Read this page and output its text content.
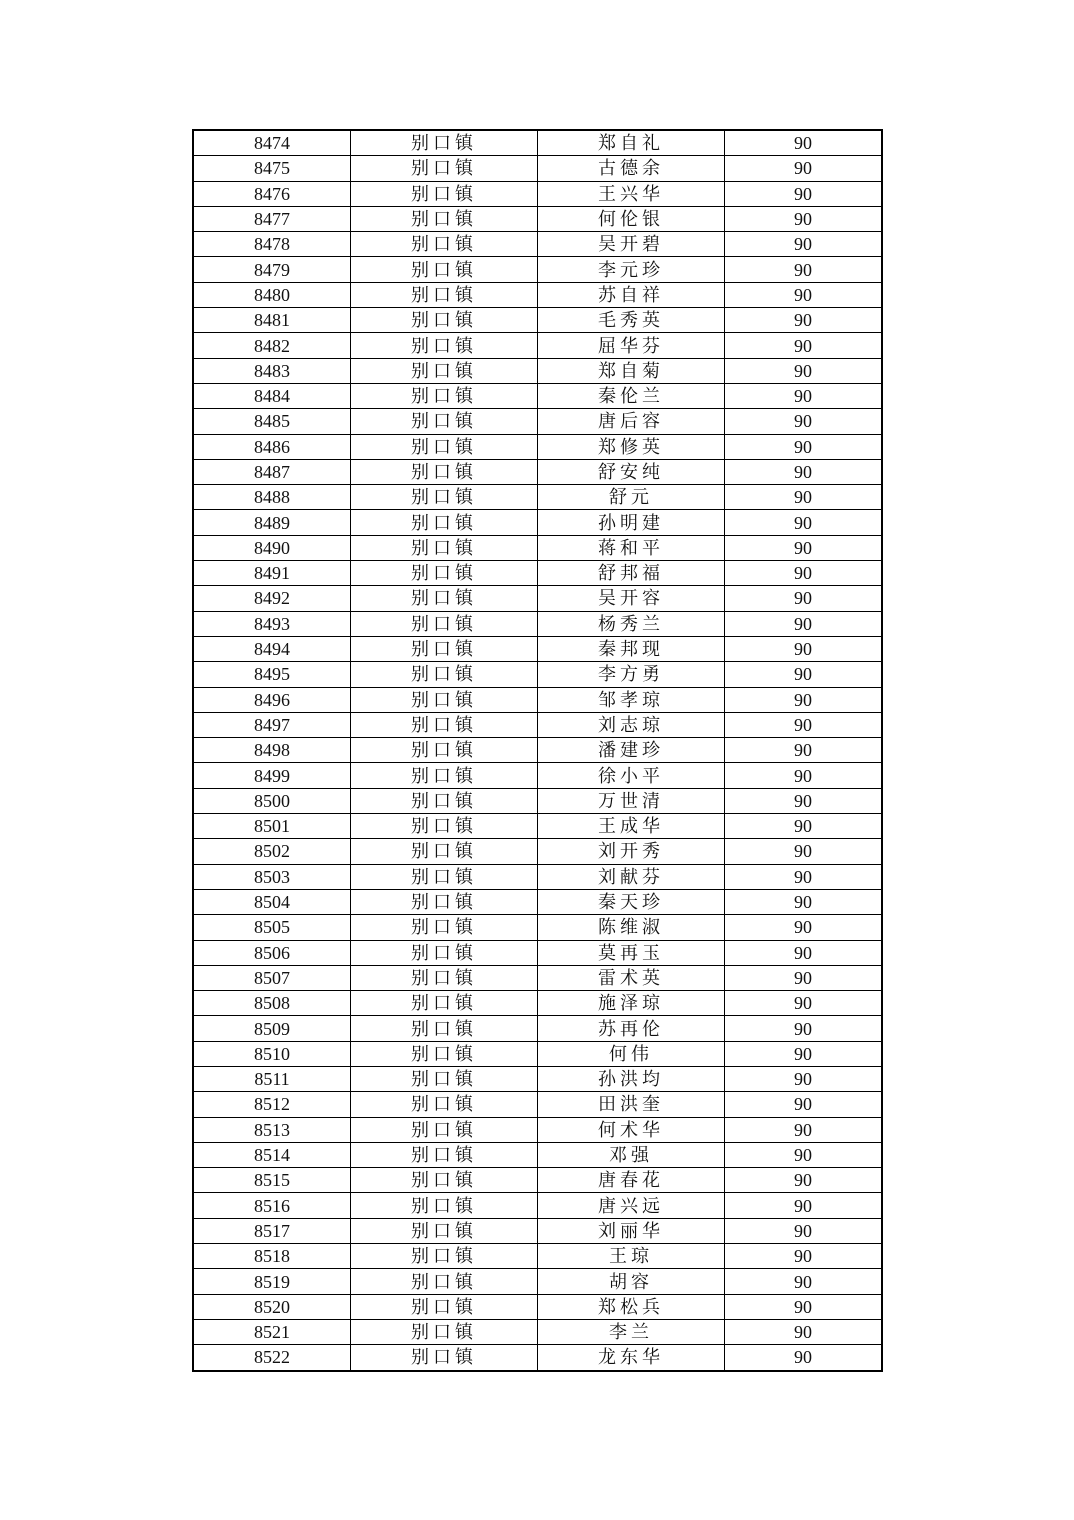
8474	别口镇	郑自礼	90
8475	别口镇	古德余	90
8476	别口镇	王兴华	90
8477	别口镇	何伦银	90
8478	别口镇	吴开碧	90
8479	别口镇	李元珍	90
8480	别口镇	苏自祥	90
8481	别口镇	毛秀英	90
8482	别口镇	屈华芬	90
8483	别口镇	郑自菊	90
8484	别口镇	秦伦兰	90
8485	别口镇	唐后容	90
8486	别口镇	郑修英	90
8487	别口镇	舒安纯	90
8488	别口镇	舒元	90
8489	别口镇	孙明建	90
8490	别口镇	蒋和平	90
8491	别口镇	舒邦福	90
8492	别口镇	吴开容	90
8493	别口镇	杨秀兰	90
8494	别口镇	秦邦现	90
8495	别口镇	李方勇	90
8496	别口镇	邹孝琼	90
8497	别口镇	刘志琼	90
8498	别口镇	潘建珍	90
8499	别口镇	徐小平	90
8500	别口镇	万世清	90
8501	别口镇	王成华	90
8502	别口镇	刘开秀	90
8503	别口镇	刘献芬	90
8504	别口镇	秦天珍	90
8505	别口镇	陈维淑	90
8506	别口镇	莫再玉	90
8507	别口镇	雷术英	90
8508	别口镇	施泽琼	90
8509	别口镇	苏再伦	90
8510	别口镇	何伟	90
8511	别口镇	孙洪均	90
8512	别口镇	田洪奎	90
8513	别口镇	何术华	90
8514	别口镇	邓强	90
8515	别口镇	唐春花	90
8516	别口镇	唐兴远	90
8517	别口镇	刘丽华	90
8518	别口镇	王琼	90
8519	别口镇	胡容	90
8520	别口镇	郑松兵	90
8521	别口镇	李兰	90
8522	别口镇	龙东华	90
